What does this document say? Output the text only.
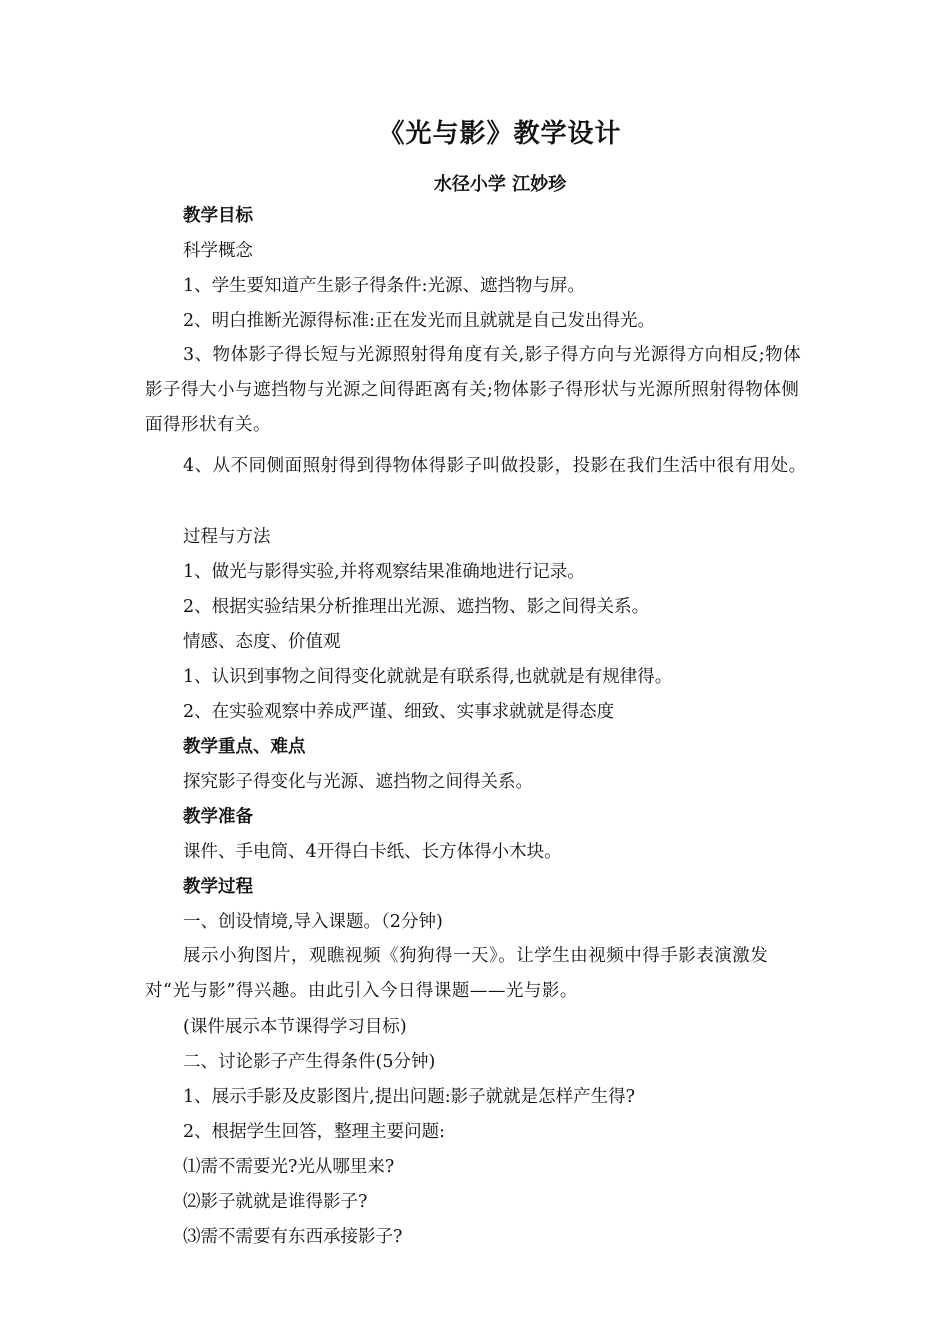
《光与影》教学设计
水径小学 江妙珍
教学目标
科学概念
1、学生要知道产生影子得条件:光源、遮挡物与屏。
2、明白推断光源得标准:正在发光而且就就是自己发出得光。
3、物体影子得长短与光源照射得角度有关,影子得方向与光源得方向相反;物体影子得大小与遮挡物与光源之间得距离有关;物体影子得形状与光源所照射得物体侧面得形状有关。
4、从不同侧面照射得到得物体得影子叫做投影，投影在我们生活中很有用处。
过程与方法
1、做光与影得实验,并将观察结果准确地进行记录。
2、根据实验结果分析推理出光源、遮挡物、影之间得关系。
情感、态度、价值观
1、认识到事物之间得变化就就是有联系得,也就就是有规律得。
2、在实验观察中养成严谨、细致、实事求就就是得态度
教学重点、难点
探究影子得变化与光源、遮挡物之间得关系。
教学准备
课件、手电筒、4开得白卡纸、长方体得小木块。
教学过程
一、创设情境,导入课题。（2分钟)
展示小狗图片，观瞧视频《狗狗得一天》。让学生由视频中得手影表演激发对“光与影”得兴趣。由此引入今日得课题——光与影。
(课件展示本节课得学习目标)
二、讨论影子产生得条件(5分钟)
1、展示手影及皮影图片,提出问题:影子就就是怎样产生得?
2、根据学生回答，整理主要问题:
⑴需不需要光?光从哪里来?
⑵影子就就是谁得影子?
⑶需不需要有东西承接影子?
